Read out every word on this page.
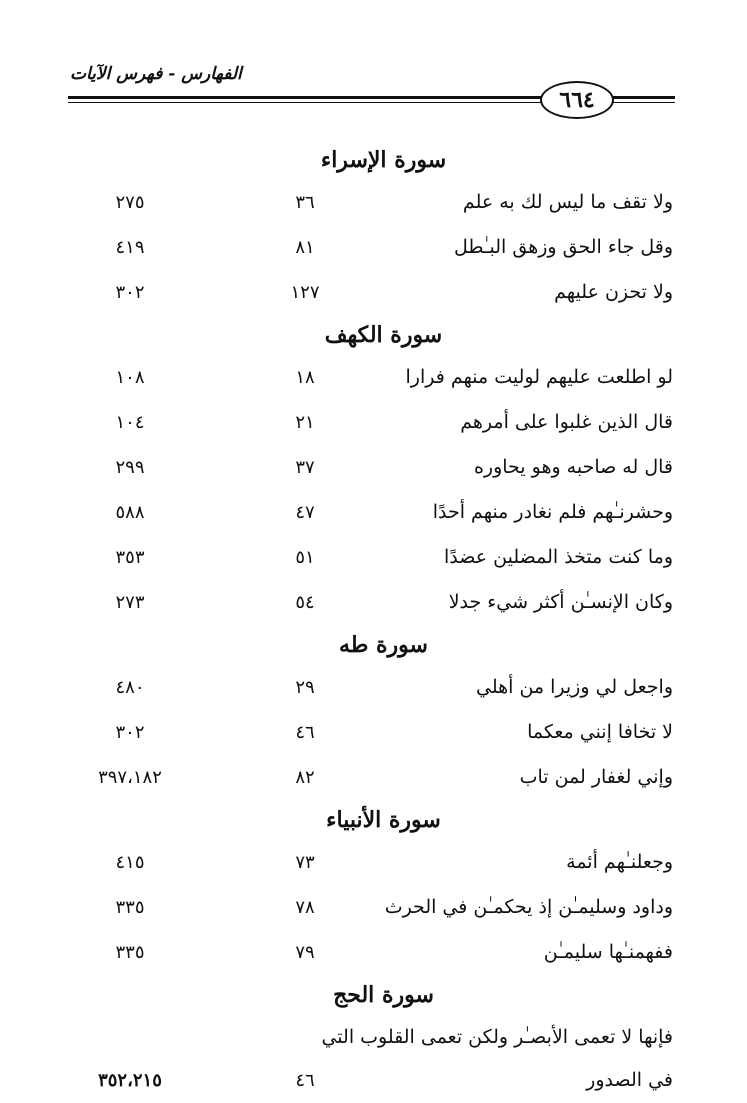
الفهارس - فهرس الآيات
٦٦٤
سورة الإسراء
ولا تقف ما ليس لك به علم
٣٦
٢٧٥
وقل جاء الحق وزهق البـٰطل
٨١
٤١٩
ولا تحزن عليهم
١٢٧
٣٠٢
سورة الكهف
لو اطلعت عليهم لوليت منهم فرارا
١٨
١٠٨
قال الذين غلبوا على أمرهم
٢١
١٠٤
قال له صاحبه وهو يحاوره
٣٧
٢٩٩
وحشرنـٰهم فلم نغادر منهم أحدًا
٤٧
٥٨٨
وما كنت متخذ المضلين عضدًا
٥١
٣٥٣
وكان الإنسـٰن أكثر شيء جدلا
٥٤
٢٧٣
سورة طه
واجعل لي وزيرا من أهلي
٢٩
٤٨٠
لا تخافا إنني معكما
٤٦
٣٠٢
وإني لغفار لمن تاب
٨٢
٣٩٧،١٨٢
سورة الأنبياء
وجعلنـٰهم أئمة
٧٣
٤١٥
وداود وسليمـٰن إذ يحكمـٰن في الحرث
٧٨
٣٣٥
ففهمنـٰها سليمـٰن
٧٩
٣٣٥
سورة الحج
فإنها لا تعمى الأبصـٰر ولكن تعمى القلوب التي
في الصدور
٤٦
٣٥٢،٢١٥
